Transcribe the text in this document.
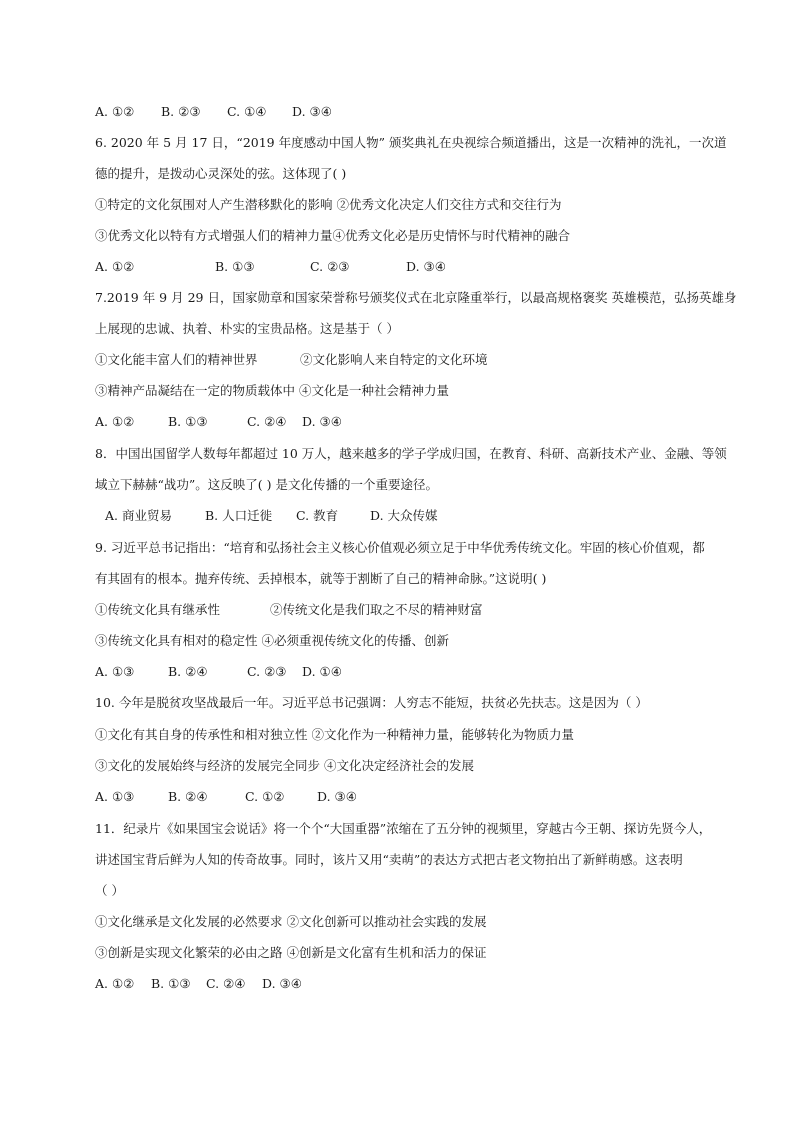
A. ①② B. ②③ C. ①④ D. ③④
6. 2020 年 5 月 17 日，“2019 年度感动中国人物” 颁奖典礼在央视综合频道播出，这是一次精神的洗礼，一次道
德的提升，是拨动心灵深处的弦。这体现了( )
①特定的文化氛围对人产生潜移默化的影响 ②优秀文化决定人们交往方式和交往行为
③优秀文化以特有方式增强人们的精神力量④优秀文化必是历史情怀与时代精神的融合
A. ①②	B. ①③	C. ②③	D. ③④
7.2019 年 9 月 29 日，国家勋章和国家荣誉称号颁奖仪式在北京隆重举行，以最高规格褒奖 英雄模范，弘扬英雄身
上展现的忠诚、执着、朴实的宝贵品格。这是基于（ ）
①文化能丰富人们的精神世界	②文化影响人来自特定的文化环境
③精神产品凝结在一定的物质载体中 ④文化是一种社会精神力量
A. ①②	B. ①③	C. ②④ D. ③④
8．中国出国留学人数每年都超过 10 万人，越来越多的学子学成归国，在教育、科研、高新技术产业、金融、等领
域立下赫赫“战功”。这反映了( ) 是文化传播的一个重要途径。
A. 商业贸易	B. 人口迁徙 C. 教育	D. 大众传媒
9. 习近平总书记指出：“培育和弘扬社会主义核心价值观必须立足于中华优秀传统文化。牢固的核心价值观，都
有其固有的根本。抛弃传统、丢掉根本，就等于割断了自己的精神命脉。”这说明( )
①传统文化具有继承性	②传统文化是我们取之不尽的精神财富
③传统文化具有相对的稳定性 ④必须重视传统文化的传播、创新
A. ①③	B. ②④	C. ②③ D. ①④
10. 今年是脱贫攻坚战最后一年。习近平总书记强调：人穷志不能短，扶贫必先扶志。这是因为（ ）
①文化有其自身的传承性和相对独立性 ②文化作为一种精神力量，能够转化为物质力量
③文化的发展始终与经济的发展完全同步 ④文化决定经济社会的发展
A. ①③	B. ②④	C. ①②	D. ③④
11．纪录片《如果国宝会说话》将一个个“大国重器”浓缩在了五分钟的视频里，穿越古今王朝、探访先贤今人，
讲述国宝背后鲜为人知的传奇故事。同时，该片又用“卖萌”的表达方式把古老文物拍出了新鲜萌感。这表明
（ ）
①文化继承是文化发展的必然要求 ②文化创新可以推动社会实践的发展
③创新是实现文化繁荣的必由之路 ④创新是文化富有生机和活力的保证
A. ①② B. ①③ C. ②④ D. ③④
